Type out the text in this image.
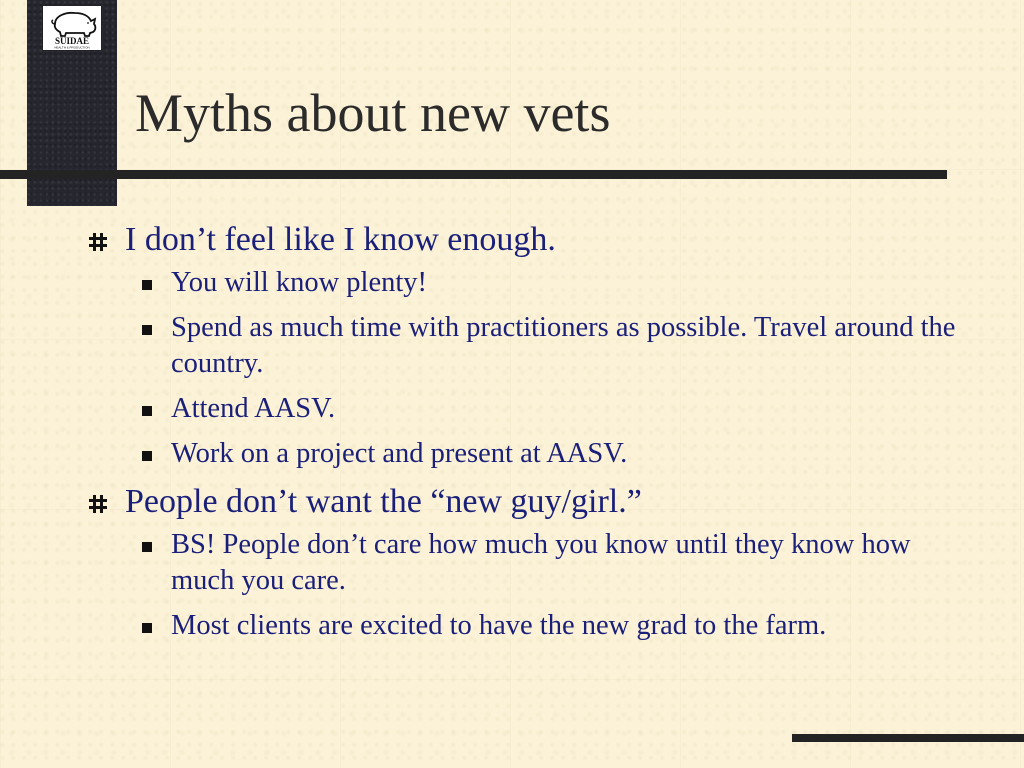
SUIDAE
HEALTH & PRODUCTION
Myths about new vets
I don’t feel like I know enough.
You will know plenty!
Spend as much time with practitioners as possible. Travel around the country.
Attend AASV.
Work on a project and present at AASV.
People don’t want the “new guy/girl.”
BS! People don’t care how much you know until they know how much you care.
Most clients are excited to have the new grad to the farm.
